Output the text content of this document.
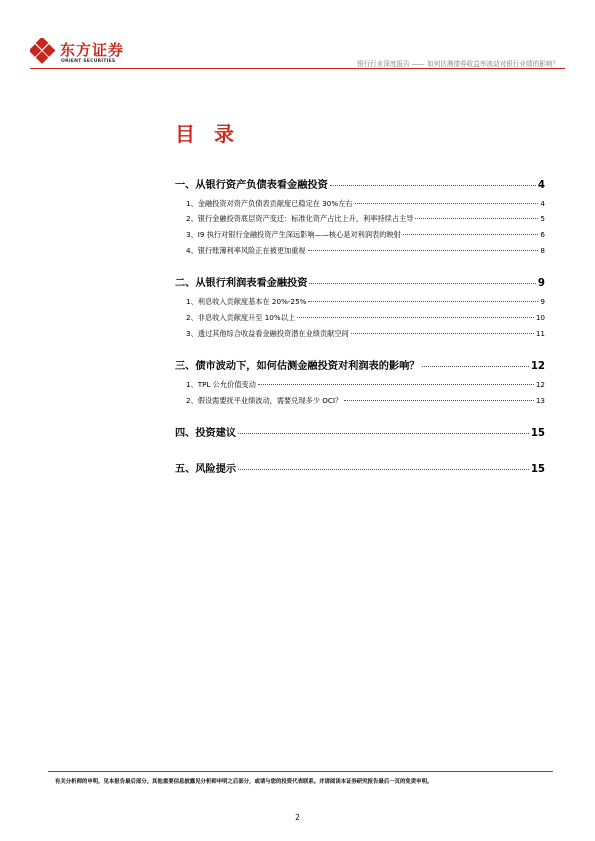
东方证券
ORIENT SECURITIES	银行行业深度报告 —— 如何估测债券收益率波动对银行业绩的影响？
目 录
一、从银行资产负债表看金融投资	4
1、金融投资对资产负债表贡献度已稳定在 30%左右	4
2、银行金融投资底层资产变迁：标准化资产占比上升，利率持续占主导	5
3、I9 执行对银行金融投资产生深远影响——核心是对利润表的映射	6
4、银行账簿利率风险正在被更加重视	8
二、从银行利润表看金融投资	9
1、利息收入贡献度基本在 20%-25%	9
2、非息收入贡献度升至 10%以上	10
3、透过其他综合收益看金融投资潜在业绩贡献空间	11
三、债市波动下，如何估测金融投资对利润表的影响？	12
1、TPL 公允价值变动	12
2、假设需要抚平业绩波动，需要兑现多少 OCI？	13
四、投资建议	15
五、风险提示	15
有关分析师的申明，见本报告最后部分。其他重要信息披露见分析师申明之后部分，或请与您的投资代表联系。并请阅读本证券研究报告最后一页的免责申明。
2
